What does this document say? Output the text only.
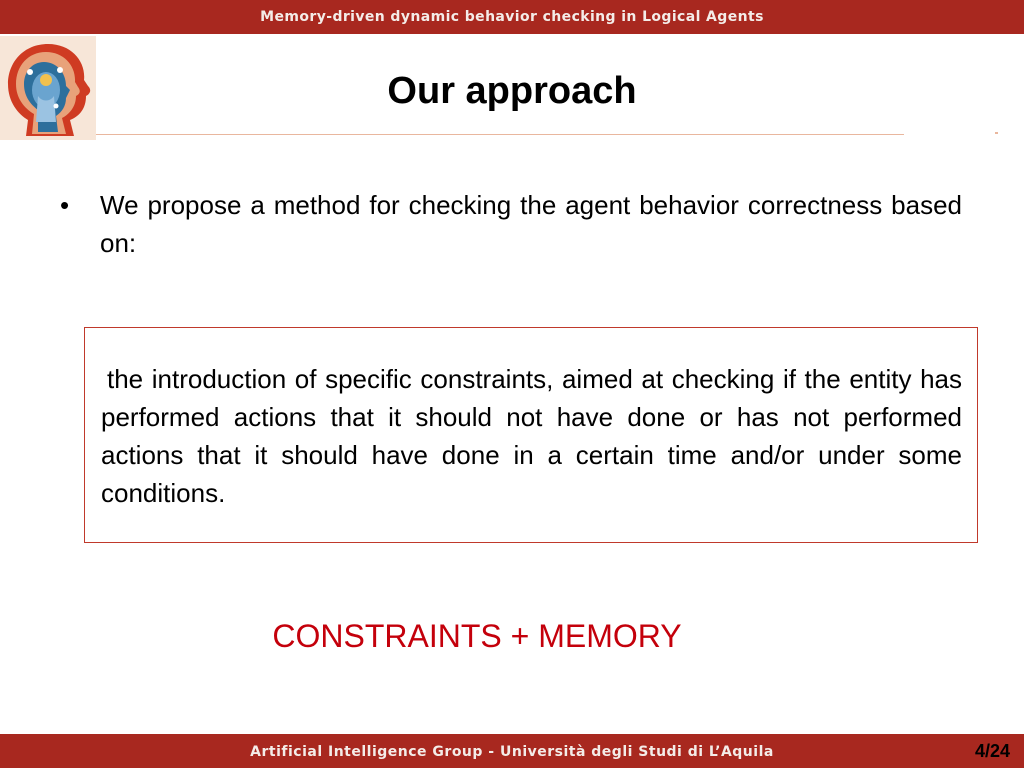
Memory-driven dynamic behavior checking in Logical Agents
Our approach
• We propose a method for checking the agent behavior correctness based on:
the introduction of specific constraints, aimed at checking if the entity has performed actions that it should not have done or has not performed actions that it should have done in a certain time and/or under some conditions.
CONSTRAINTS + MEMORY
Artificial Intelligence Group - Università degli Studi di L’Aquila	4/24
